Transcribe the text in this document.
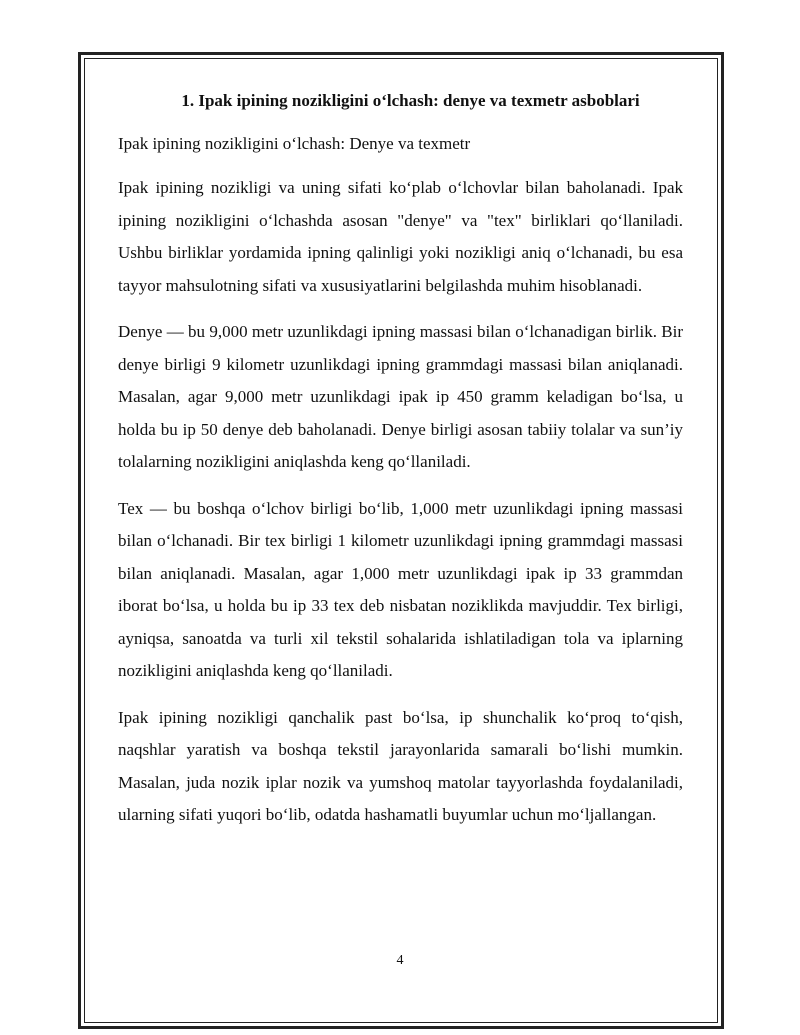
1. Ipak ipining nozikligini o‘lchash: denye va texmetr asboblari
Ipak ipining nozikligini o‘lchash: Denye va texmetr

Ipak ipining nozikligi va uning sifati ko‘plab o‘lchovlar bilan baholanadi. Ipak ipining nozikligini o‘lchashda asosan "denye" va "tex" birliklari qo‘llaniladi. Ushbu birliklar yordamida ipning qalinligi yoki nozikligi aniq o‘lchanadi, bu esa tayyor mahsulotning sifati va xususiyatlarini belgilashda muhim hisoblanadi.

Denye — bu 9,000 metr uzunlikdagi ipning massasi bilan o‘lchanadigan birlik. Bir denye birligi 9 kilometr uzunlikdagi ipning grammdagi massasi bilan aniqlanadi. Masalan, agar 9,000 metr uzunlikdagi ipak ip 450 gramm keladigan bo‘lsa, u holda bu ip 50 denye deb baholanadi. Denye birligi asosan tabiiy tolalar va sun’iy tolalarning nozikligini aniqlashda keng qo‘llaniladi.

Tex — bu boshqa o‘lchov birligi bo‘lib, 1,000 metr uzunlikdagi ipning massasi bilan o‘lchanadi. Bir tex birligi 1 kilometr uzunlikdagi ipning grammdagi massasi bilan aniqlanadi. Masalan, agar 1,000 metr uzunlikdagi ipak ip 33 grammdan iborat bo‘lsa, u holda bu ip 33 tex deb nisbatan noziklikda mavjuddir. Tex birligi, ayniqsa, sanoatda va turli xil tekstil sohalarida ishlatiladigan tola va iplarning nozikligini aniqlashda keng qo‘llaniladi.

Ipak ipining nozikligi qanchalik past bo‘lsa, ip shunchalik ko‘proq to‘qish, naqshlar yaratish va boshqa tekstil jarayonlarida samarali bo‘lishi mumkin. Masalan, juda nozik iplar nozik va yumshoq matolar tayyorlashda foydalaniladi, ularning sifati yuqori bo‘lib, odatda hashamatli buyumlar uchun mo‘ljallangan.

4
